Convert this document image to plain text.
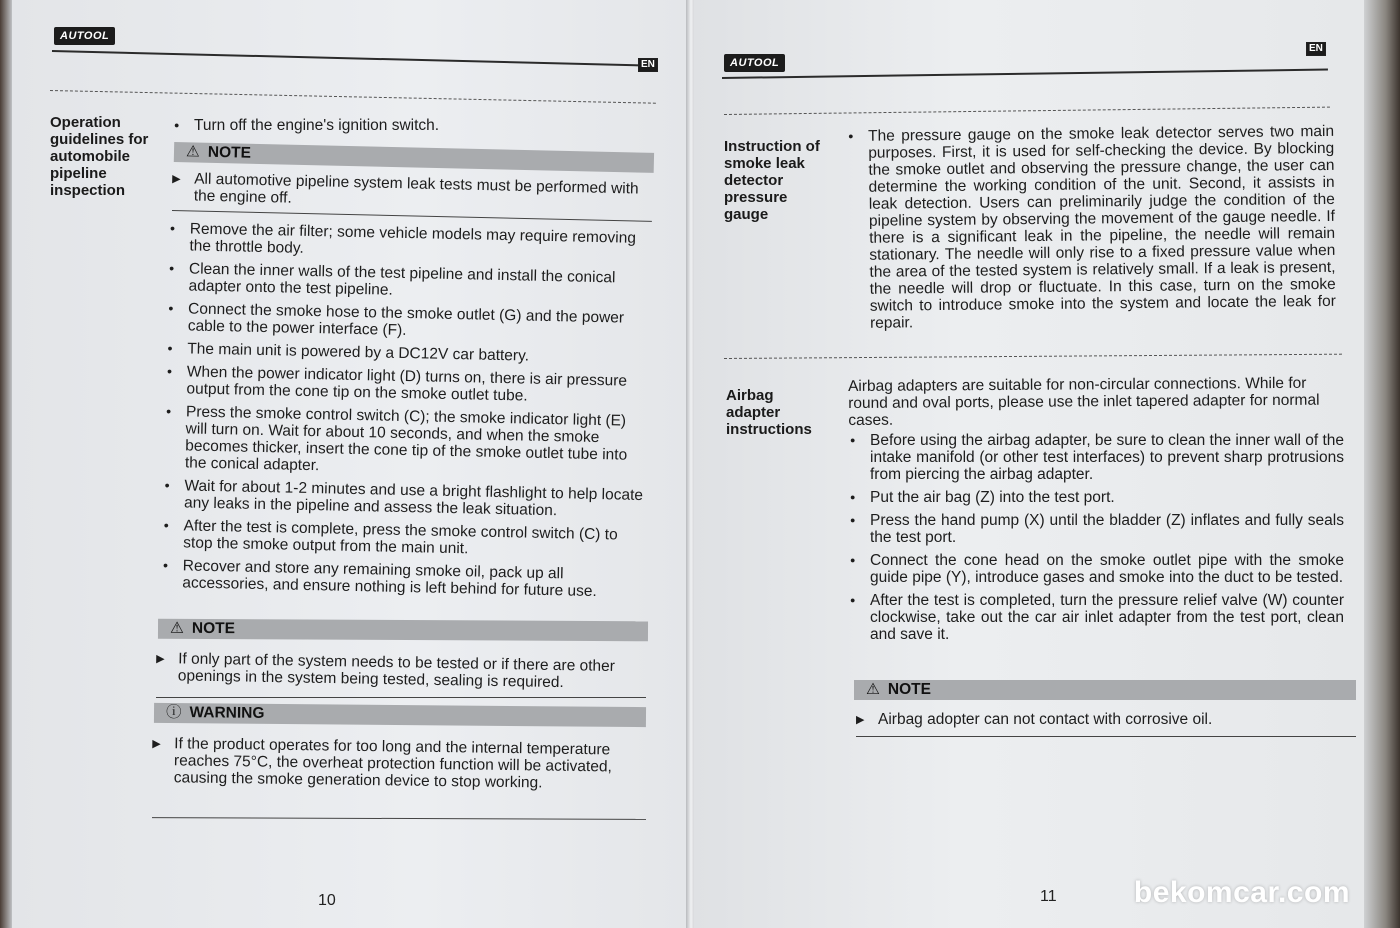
AUTOOL
EN
Operation
guidelines for
automobile
pipeline
inspection
● Turn off the engine's ignition switch.
⚠ NOTE
▶ All automotive pipeline system leak tests must be performed with the engine off.
● Remove the air filter; some vehicle models may require removing the throttle body.
● Clean the inner walls of the test pipeline and install the conical adapter onto the test pipeline.
● Connect the smoke hose to the smoke outlet (G) and the power cable to the power interface (F).
● The main unit is powered by a DC12V car battery.
● When the power indicator light (D) turns on, there is air pressure output from the cone tip on the smoke outlet tube.
● Press the smoke control switch (C); the smoke indicator light (E) will turn on. Wait for about 10 seconds, and when the smoke becomes thicker, insert the cone tip of the smoke outlet tube into the conical adapter.
● Wait for about 1-2 minutes and use a bright flashlight to help locate any leaks in the pipeline and assess the leak situation.
● After the test is complete, press the smoke control switch (C) to stop the smoke output from the main unit.
● Recover and store any remaining smoke oil, pack up all accessories, and ensure nothing is left behind for future use.
⚠ NOTE
▶ If only part of the system needs to be tested or if there are other openings in the system being tested, sealing is required.
ⓘ WARNING
▶ If the product operates for too long and the internal temperature reaches 75°C, the overheat protection function will be activated, causing the smoke generation device to stop working.
10
AUTOOL
EN
Instruction of
smoke leak
detector
pressure
gauge
● The pressure gauge on the smoke leak detector serves two main purposes. First, it is used for self-checking the device. By blocking the smoke outlet and observing the pressure change, the user can determine the working condition of the unit. Second, it assists in leak detection. Users can preliminarily judge the condition of the pipeline system by observing the movement of the gauge needle. If there is a significant leak in the pipeline, the needle will remain stationary. The needle will only rise to a fixed pressure value when the area of the tested system is relatively small. If a leak is present, the needle will drop or fluctuate. In this case, turn on the smoke switch to introduce smoke into the system and locate the leak for repair.
Airbag
adapter
instructions
Airbag adapters are suitable for non-circular connections. While for round and oval ports, please use the inlet tapered adapter for normal cases.
● Before using the airbag adapter, be sure to clean the inner wall of the intake manifold (or other test interfaces) to prevent sharp protrusions from piercing the airbag adapter.
● Put the air bag (Z) into the test port.
● Press the hand pump (X) until the bladder (Z) inflates and fully seals the test port.
● Connect the cone head on the smoke outlet pipe with the smoke guide pipe (Y), introduce gases and smoke into the duct to be tested.
● After the test is completed, turn the pressure relief valve (W) counter clockwise, take out the car air inlet adapter from the test port, clean and save it.
⚠ NOTE
▶ Airbag adopter can not contact with corrosive oil.
11	bekomcar.com
